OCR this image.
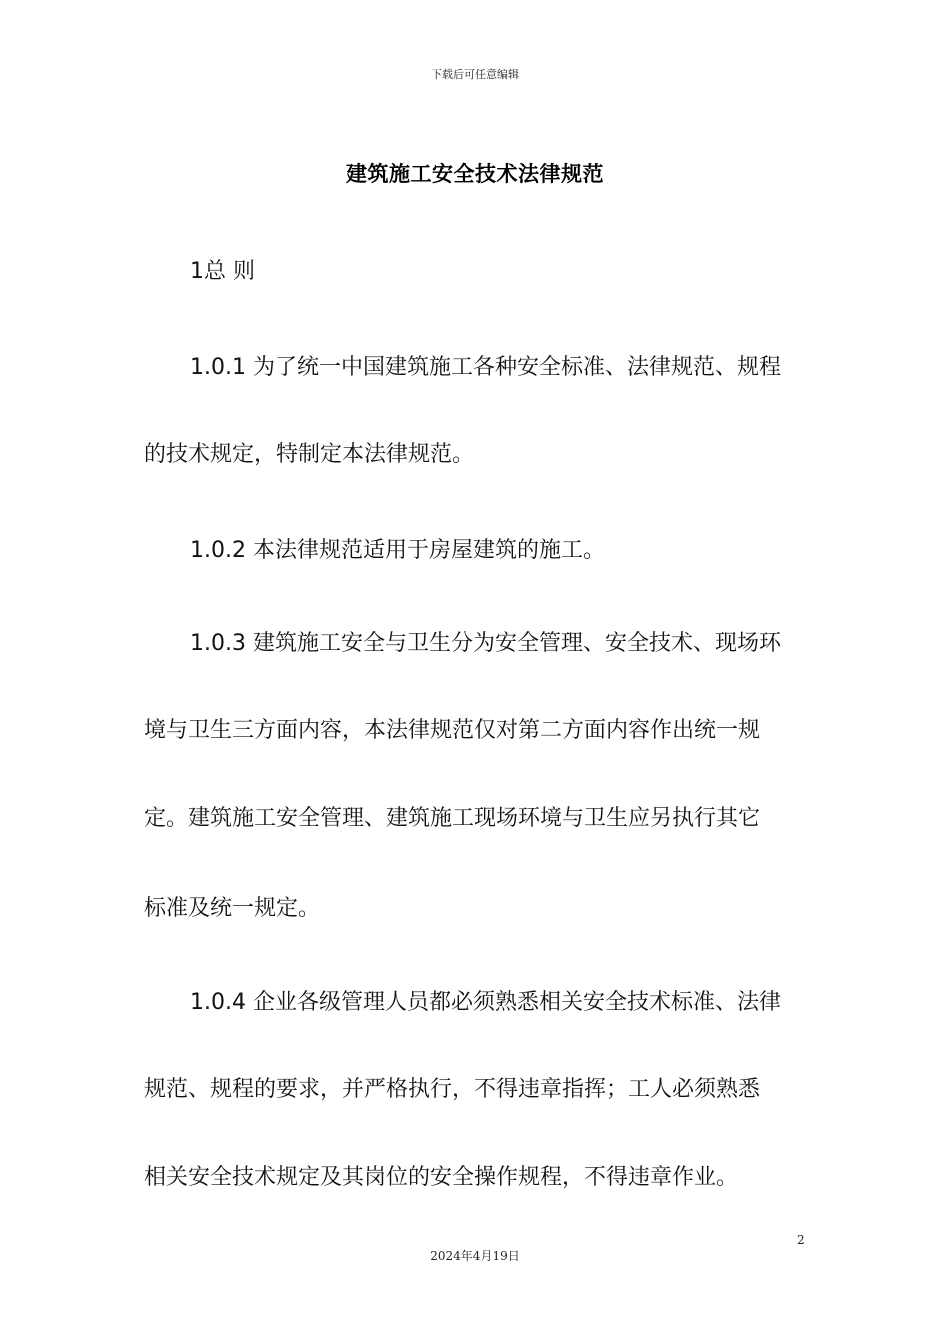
下载后可任意编辑
建筑施工安全技术法律规范
1总 则
1.0.1 为了统一中国建筑施工各种安全标准、法律规范、规程
的技术规定，特制定本法律规范。
1.0.2 本法律规范适用于房屋建筑的施工。
1.0.3 建筑施工安全与卫生分为安全管理、安全技术、现场环
境与卫生三方面内容，本法律规范仅对第二方面内容作出统一规
定。建筑施工安全管理、建筑施工现场环境与卫生应另执行其它
标准及统一规定。
1.0.4 企业各级管理人员都必须熟悉相关安全技术标准、法律
规范、规程的要求，并严格执行，不得违章指挥；工人必须熟悉
相关安全技术规定及其岗位的安全操作规程，不得违章作业。
2
2024年4月19日
